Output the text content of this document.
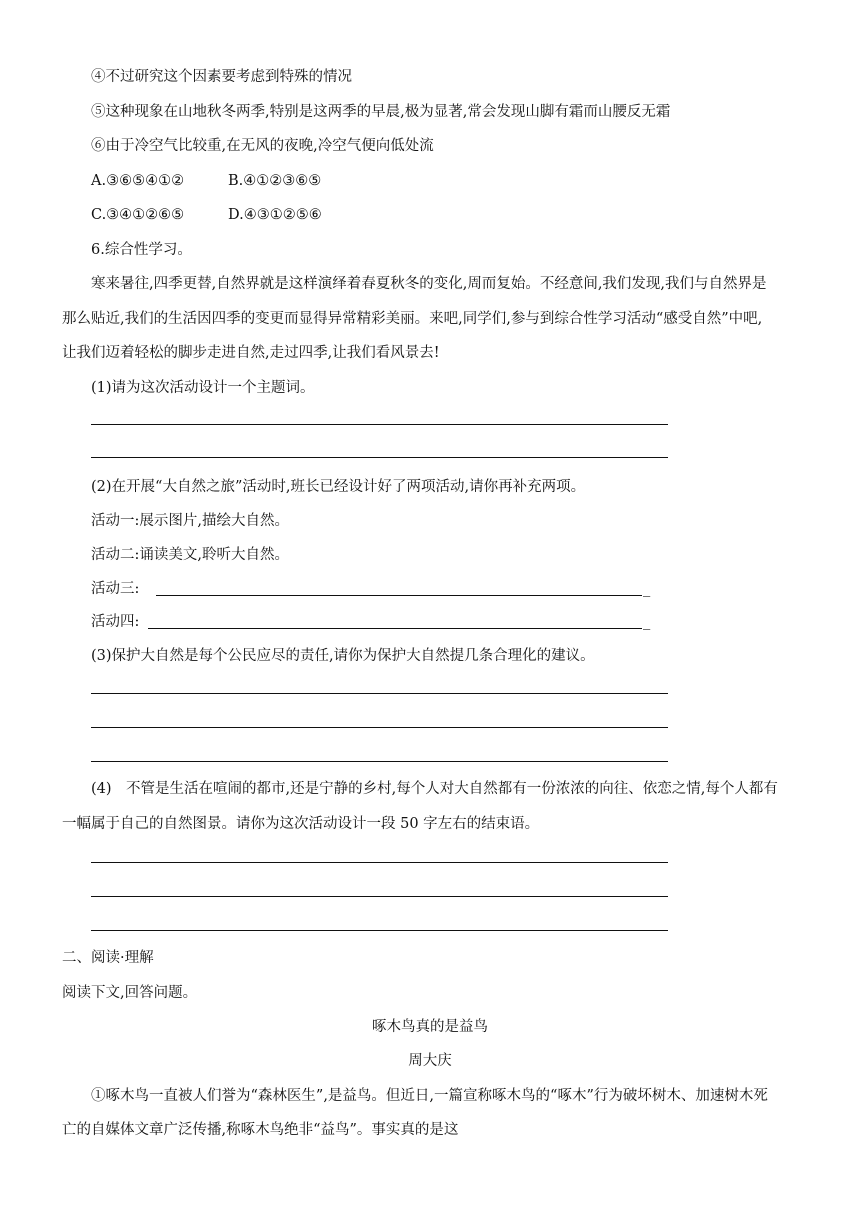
④不过研究这个因素要考虑到特殊的情况
⑤这种现象在山地秋冬两季,特别是这两季的早晨,极为显著,常会发现山脚有霜而山腰反无霜
⑥由于冷空气比较重,在无风的夜晚,冷空气便向低处流
A.③⑥⑤④①②	B.④①②③⑥⑤
C.③④①②⑥⑤	D.④③①②⑤⑥
6.综合性学习。
寒来暑往,四季更替,自然界就是这样演绎着春夏秋冬的变化,周而复始。不经意间,我们发现,我们与自然界是
那么贴近,我们的生活因四季的变更而显得异常精彩美丽。来吧,同学们,参与到综合性学习活动“感受自然”中吧,
让我们迈着轻松的脚步走进自然,走过四季,让我们看风景去!
(1)请为这次活动设计一个主题词。
(2)在开展“大自然之旅”活动时,班长已经设计好了两项活动,请你再补充两项。
活动一:展示图片,描绘大自然。
活动二:诵读美文,聆听大自然。
活动三:	_
活动四:	_
(3)保护大自然是每个公民应尽的责任,请你为保护大自然提几条合理化的建议。
(4)　不管是生活在喧闹的都市,还是宁静的乡村,每个人对大自然都有一份浓浓的向往、依恋之情,每个人都有
一幅属于自己的自然图景。请你为这次活动设计一段 50 字左右的结束语。
二、阅读·理解
阅读下文,回答问题。
啄木鸟真的是益鸟
周大庆
①啄木鸟一直被人们誉为“森林医生”,是益鸟。但近日,一篇宣称啄木鸟的“啄木”行为破坏树木、加速树木死
亡的自媒体文章广泛传播,称啄木鸟绝非“益鸟”。事实真的是这
